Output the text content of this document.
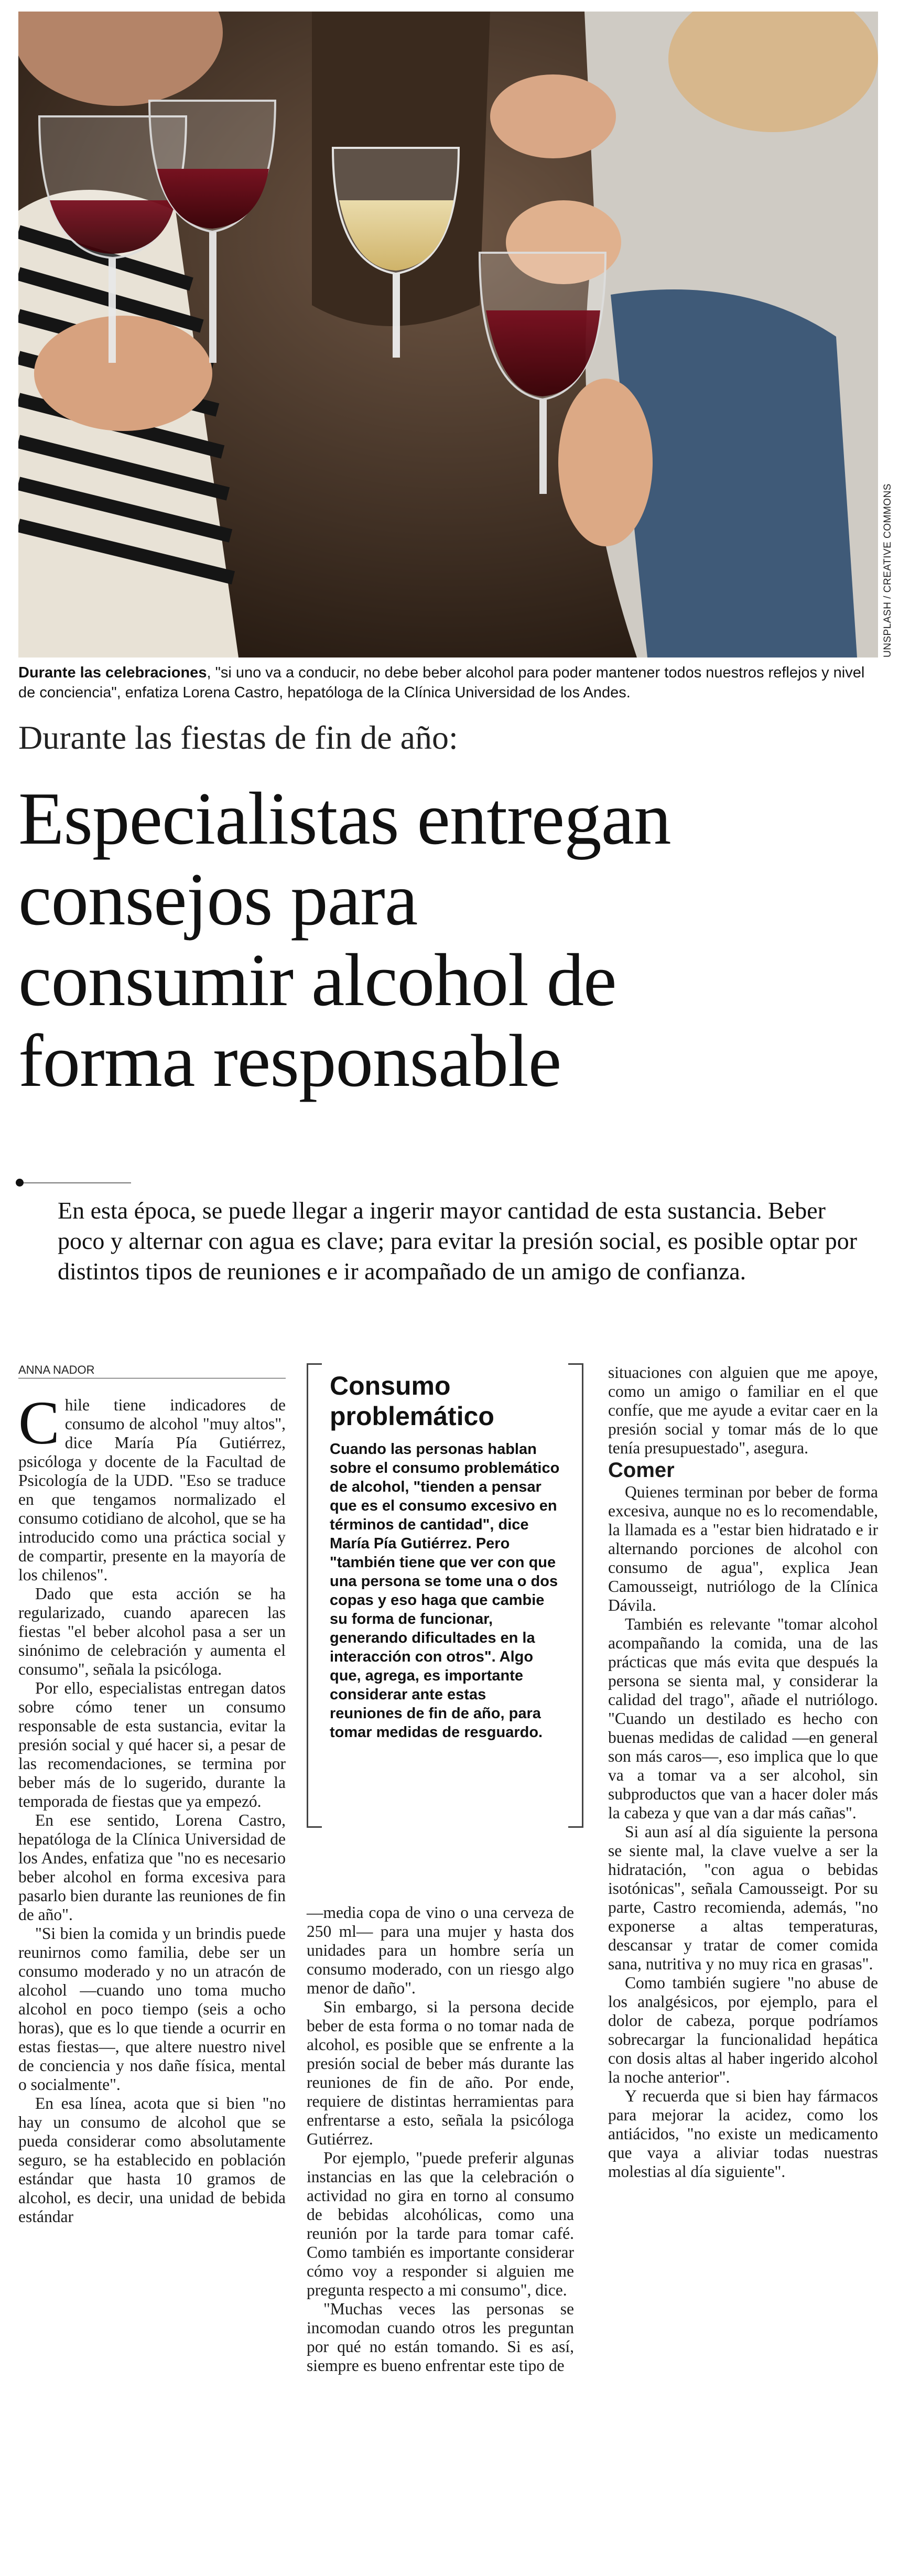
UNSPLASH / CREATIVE COMMONS
Durante las celebraciones, "si uno va a conducir, no debe beber alcohol para poder mantener todos nuestros reflejos y nivel de conciencia", enfatiza Lorena Castro, hepatóloga de la Clínica Universidad de los Andes.
Durante las fiestas de fin de año:
Especialistas entregan
consejos para
consumir alcohol de
forma responsable
En esta época, se puede llegar a ingerir mayor cantidad de esta sustancia. Beber poco y alternar con agua es clave; para evitar la presión social, es posible optar por distintos tipos de reuniones e ir acompañado de un amigo de confianza.
ANNA NADOR

Chile tiene indicadores de consumo de alcohol "muy altos", dice María Pía Gutiérrez, psicóloga y docente de la Facultad de Psicología de la UDD. "Eso se traduce en que tengamos normalizado el consumo cotidiano de alcohol, que se ha introducido como una práctica social y de compartir, presente en la mayoría de los chilenos".

Dado que esta acción se ha regularizado, cuando aparecen las fiestas "el beber alcohol pasa a ser un sinónimo de celebración y aumenta el consumo", señala la psicóloga.

Por ello, especialistas entregan datos sobre cómo tener un consumo responsable de esta sustancia, evitar la presión social y qué hacer si, a pesar de las recomendaciones, se termina por beber más de lo sugerido, durante la temporada de fiestas que ya empezó.

En ese sentido, Lorena Castro, hepatóloga de la Clínica Universidad de los Andes, enfatiza que "no es necesario beber alcohol en forma excesiva para pasarlo bien durante las reuniones de fin de año".

"Si bien la comida y un brindis puede reunirnos como familia, debe ser un consumo moderado y no un atracón de alcohol —cuando uno toma mucho alcohol en poco tiempo (seis a ocho horas), que es lo que tiende a ocurrir en estas fiestas—, que altere nuestro nivel de conciencia y nos dañe física, mental o socialmente".

En esa línea, acota que si bien "no hay un consumo de alcohol que se pueda considerar como absolutamente seguro, se ha establecido en población estándar que hasta 10 gramos de alcohol, es decir, una unidad de bebida estándar

Consumo problemático
Cuando las personas hablan sobre el consumo problemático de alcohol, "tienden a pensar que es el consumo excesivo en términos de cantidad", dice María Pía Gutiérrez. Pero "también tiene que ver con que una persona se tome una o dos copas y eso haga que cambie su forma de funcionar, generando dificultades en la interacción con otros". Algo que, agrega, es importante considerar ante estas reuniones de fin de año, para tomar medidas de resguardo.

—media copa de vino o una cerveza de 250 ml— para una mujer y hasta dos unidades para un hombre sería un consumo moderado, con un riesgo algo menor de daño".

Sin embargo, si la persona decide beber de esta forma o no tomar nada de alcohol, es posible que se enfrente a la presión social de beber más durante las reuniones de fin de año. Por ende, requiere de distintas herramientas para enfrentarse a esto, señala la psicóloga Gutiérrez.

Por ejemplo, "puede preferir algunas instancias en las que la celebración o actividad no gira en torno al consumo de bebidas alcohólicas, como una reunión por la tarde para tomar café. Como también es importante considerar cómo voy a responder si alguien me pregunta respecto a mi consumo", dice.

"Muchas veces las personas se incomodan cuando otros les preguntan por qué no están tomando. Si es así, siempre es bueno enfrentar este tipo de

situaciones con alguien que me apoye, como un amigo o familiar en el que confíe, que me ayude a evitar caer en la presión social y tomar más de lo que tenía presupuestado", asegura.

Comer

Quienes terminan por beber de forma excesiva, aunque no es lo recomendable, la llamada es a "estar bien hidratado e ir alternando porciones de alcohol con consumo de agua", explica Jean Camousseigt, nutriólogo de la Clínica Dávila.

También es relevante "tomar alcohol acompañando la comida, una de las prácticas que más evita que después la persona se sienta mal, y considerar la calidad del trago", añade el nutriólogo. "Cuando un destilado es hecho con buenas medidas de calidad —en general son más caros—, eso implica que lo que va a tomar va a ser alcohol, sin subproductos que van a hacer doler más la cabeza y que van a dar más cañas".

Si aun así al día siguiente la persona se siente mal, la clave vuelve a ser la hidratación, "con agua o bebidas isotónicas", señala Camousseigt. Por su parte, Castro recomienda, además, "no exponerse a altas temperaturas, descansar y tratar de comer comida sana, nutritiva y no muy rica en grasas".

Como también sugiere "no abuse de los analgésicos, por ejemplo, para el dolor de cabeza, porque podríamos sobrecargar la funcionalidad hepática con dosis altas al haber ingerido alcohol la noche anterior".

Y recuerda que si bien hay fármacos para mejorar la acidez, como los antiácidos, "no existe un medicamento que vaya a aliviar todas nuestras molestias al día siguiente".
